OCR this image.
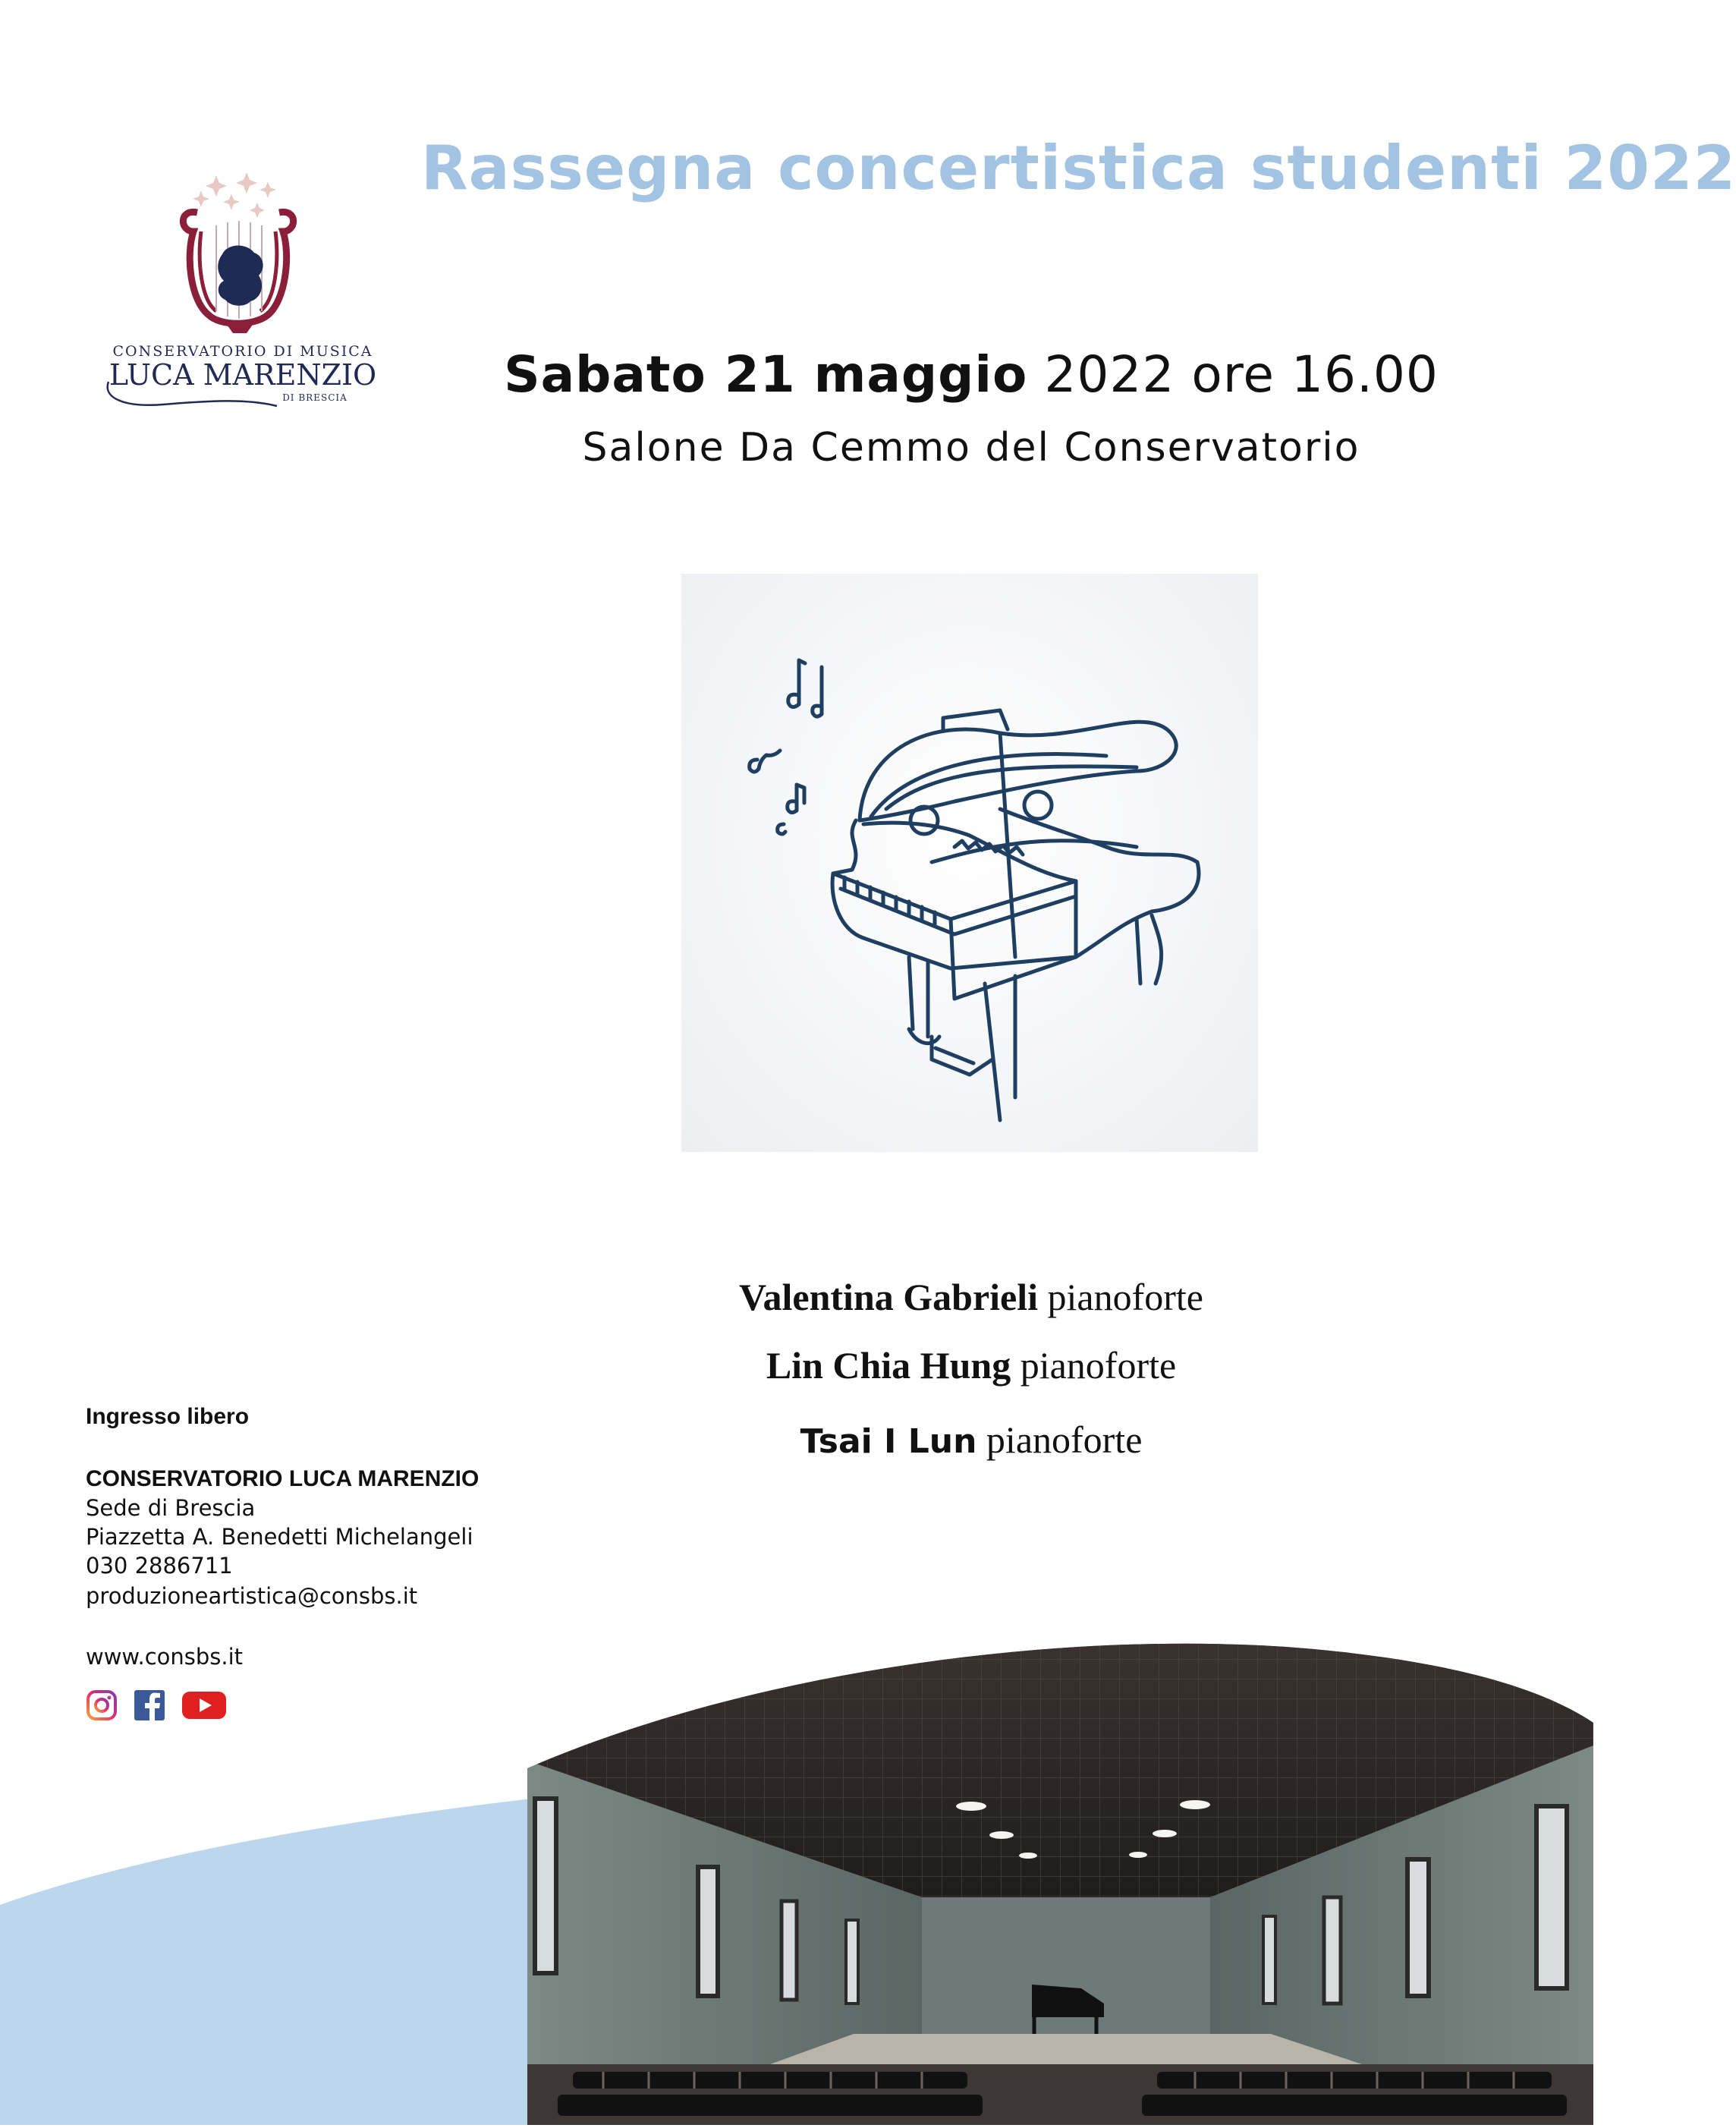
Rassegna concertistica studenti 2022
CONSERVATORIO DI MUSICA
LUCA MARENZIO
DI BRESCIA	Sabato 21 maggio 2022 ore 16.00
Salone Da Cemmo del Conservatorio
Valentina Gabrieli pianoforte
Lin Chia Hung pianoforte
Tsai I Lun pianoforte
Ingresso libero
CONSERVATORIO LUCA MARENZIO
Sede di Brescia
Piazzetta A. Benedetti Michelangeli
030 2886711
produzioneartistica@consbs.it
www.consbs.it
